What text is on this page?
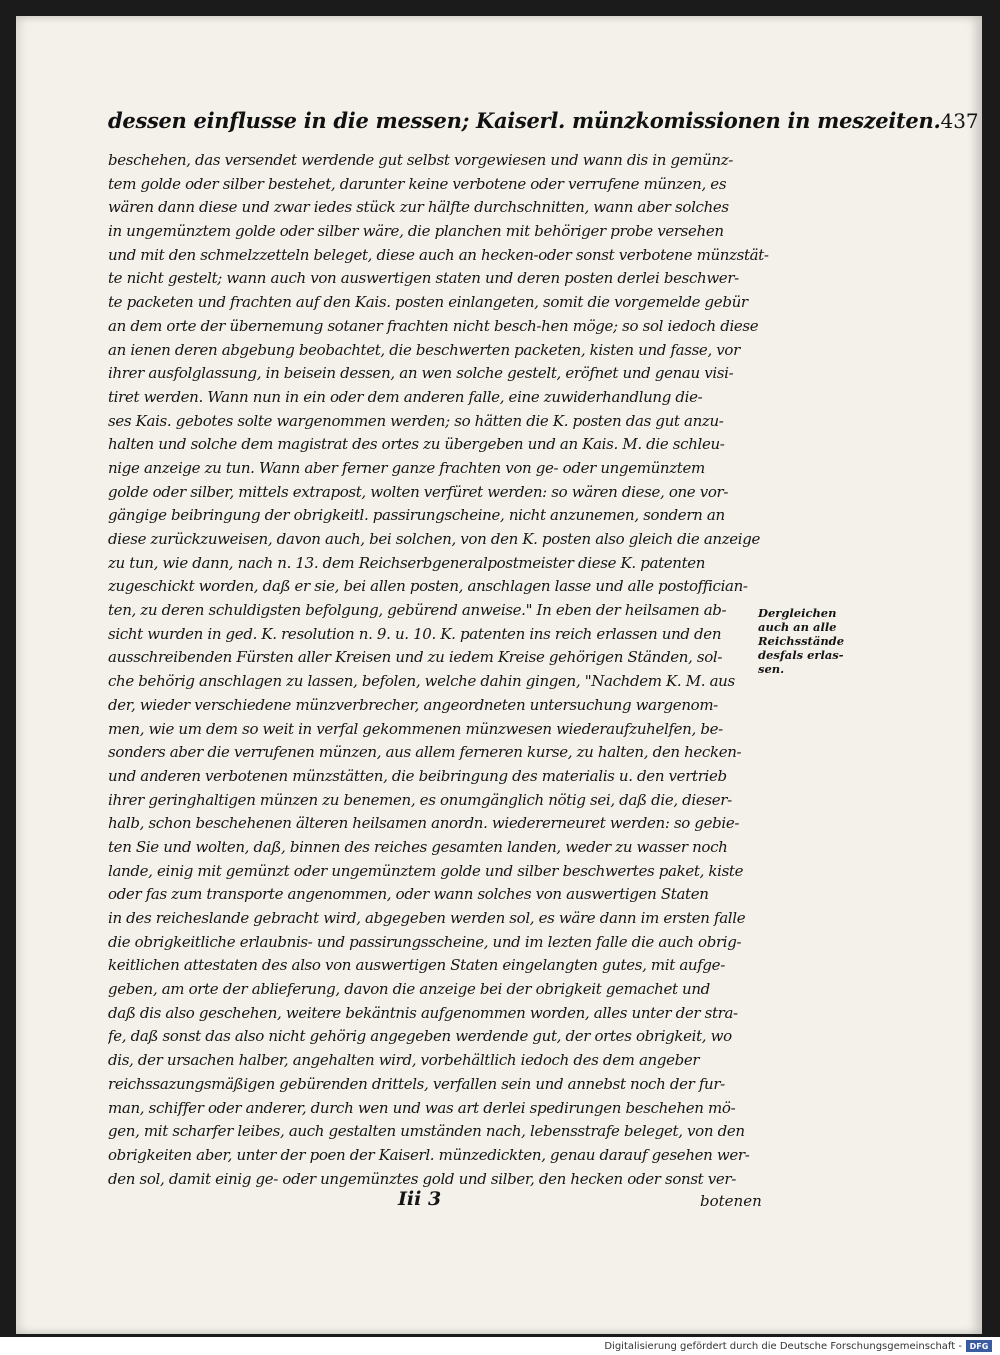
dessen einflusse in die messen; Kaiserl. münzkomissionen in meszeiten. 437
beschehen, das versendet werdende gut selbst vorgewiesen und wann dis in gemünz-
tem golde oder silber bestehet, darunter keine verbotene oder verrufene münzen, es
wären dann diese und zwar iedes stück zur hälfte durchschnitten, wann aber solches
in ungemünztem golde oder silber wäre, die planchen mit behöriger probe versehen
und mit den schmelzzetteln beleget, diese auch an hecken-oder sonst verbotene münzstät-
te nicht gestelt; wann auch von auswertigen staten und deren posten derlei beschwer-
te packeten und frachten auf den Kais. posten einlangeten, somit die vorgemelde gebür
an dem orte der übernemung sotaner frachten nicht besch-hen möge; so sol iedoch diese
an ienen deren abgebung beobachtet, die beschwerten packeten, kisten und fasse, vor
ihrer ausfolglassung, in beisein dessen, an wen solche gestelt, eröfnet und genau visi-
tiret werden. Wann nun in ein oder dem anderen falle, eine zuwiderhandlung die-
ses Kais. gebotes solte wargenommen werden; so hätten die K. posten das gut anzu-
halten und solche dem magistrat des ortes zu übergeben und an Kais. M. die schleu-
nige anzeige zu tun. Wann aber ferner ganze frachten von ge- oder ungemünztem
golde oder silber, mittels extrapost, wolten verfüret werden: so wären diese, one vor-
gängige beibringung der obrigkeitl. passirungscheine, nicht anzunemen, sondern an
diese zurückzuweisen, davon auch, bei solchen, von den K. posten also gleich die anzeige
zu tun, wie dann, nach n. 13. dem Reichserbgeneralpostmeister diese K. patenten
zugeschickt worden, daß er sie, bei allen posten, anschlagen lasse und alle postoffician-
ten, zu deren schuldigsten befolgung, gebürend anweise." In eben der heilsamen ab-
sicht wurden in ged. K. resolution n. 9. u. 10. K. patenten ins reich erlassen und den
ausschreibenden Fürsten aller Kreisen und zu iedem Kreise gehörigen Ständen, sol-
che behörig anschlagen zu lassen, befolen, welche dahin gingen, "Nachdem K. M. aus
der, wieder verschiedene münzverbrecher, angeordneten untersuchung wargenom-
men, wie um dem so weit in verfal gekommenen münzwesen wiederaufzuhelfen, be-
sonders aber die verrufenen münzen, aus allem ferneren kurse, zu halten, den hecken-
und anderen verbotenen münzstätten, die beibringung des materialis u. den vertrieb
ihrer geringhaltigen münzen zu benemen, es onumgänglich nötig sei, daß die, dieser-
halb, schon beschehenen älteren heilsamen anordn. wiedererneuret werden: so gebie-
ten Sie und wolten, daß, binnen des reiches gesamten landen, weder zu wasser noch
lande, einig mit gemünzt oder ungemünztem golde und silber beschwertes paket, kiste
oder fas zum transporte angenommen, oder wann solches von auswertigen Staten
in des reicheslande gebracht wird, abgegeben werden sol, es wäre dann im ersten falle
die obrigkeitliche erlaubnis- und passirungsscheine, und im lezten falle die auch obrig-
keitlichen attestaten des also von auswertigen Staten eingelangten gutes, mit aufge-
geben, am orte der ablieferung, davon die anzeige bei der obrigkeit gemachet und
daß dis also geschehen, weitere bekäntnis aufgenommen worden, alles unter der stra-
fe, daß sonst das also nicht gehörig angegeben werdende gut, der ortes obrigkeit, wo
dis, der ursachen halber, angehalten wird, vorbehältlich iedoch des dem angeber
reichssazungsmäßigen gebürenden drittels, verfallen sein und annebst noch der fur-
man, schiffer oder anderer, durch wen und was art derlei spedirungen beschehen mö-
gen, mit scharfer leibes, auch gestalten umständen nach, lebensstrafe beleget, von den
obrigkeiten aber, unter der poen der Kaiserl. münzedickten, genau darauf gesehen wer-
den sol, damit einig ge- oder ungemünztes gold und silber, den hecken oder sonst ver-
Dergleichen
auch an alle
Reichsstände
desfals erlas-
sen.
Iii 3	botenen
Digitalisierung gefördert durch die Deutsche Forschungsgemeinschaft - DFG
